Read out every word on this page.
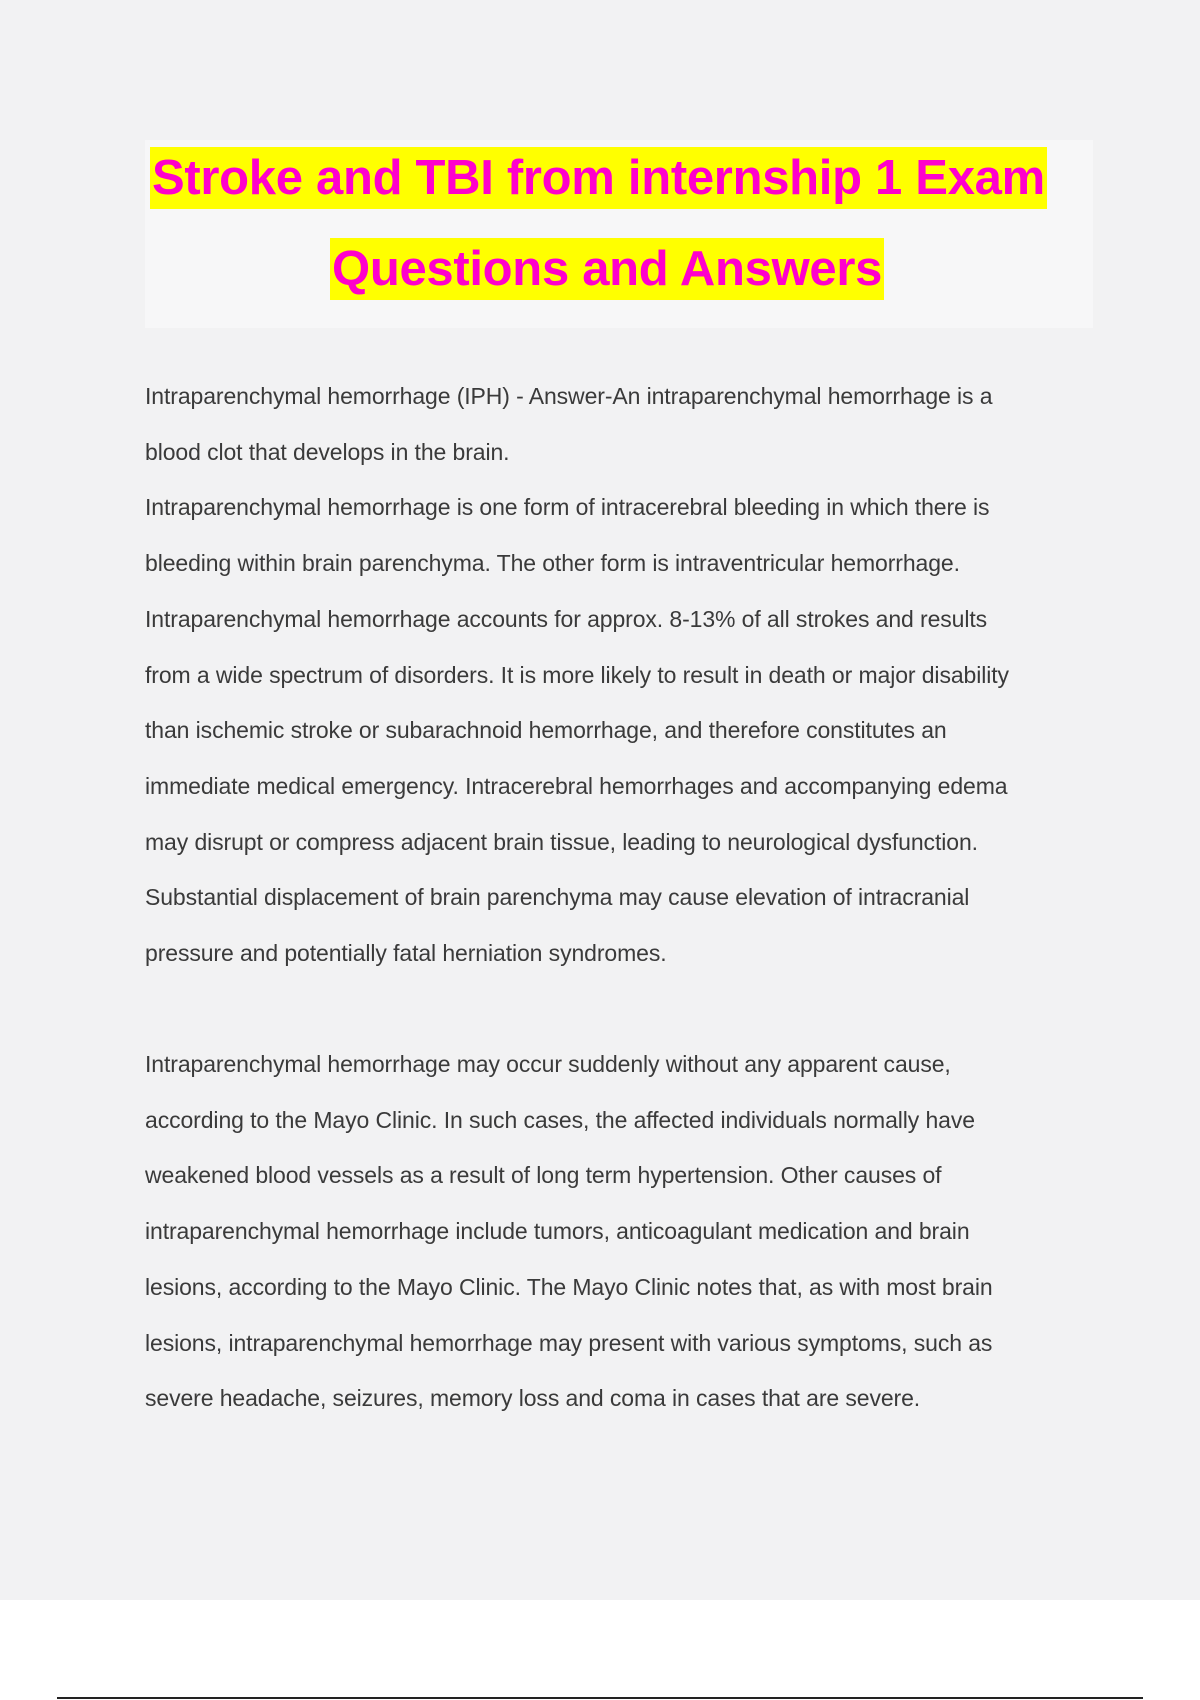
Stroke and TBI from internship 1 Exam
Questions and Answers
Intraparenchymal hemorrhage (IPH) - Answer-An intraparenchymal hemorrhage is a
blood clot that develops in the brain.
Intraparenchymal hemorrhage is one form of intracerebral bleeding in which there is
bleeding within brain parenchyma. The other form is intraventricular hemorrhage.
Intraparenchymal hemorrhage accounts for approx. 8-13% of all strokes and results
from a wide spectrum of disorders. It is more likely to result in death or major disability
than ischemic stroke or subarachnoid hemorrhage, and therefore constitutes an
immediate medical emergency. Intracerebral hemorrhages and accompanying edema
may disrupt or compress adjacent brain tissue, leading to neurological dysfunction.
Substantial displacement of brain parenchyma may cause elevation of intracranial
pressure and potentially fatal herniation syndromes.
Intraparenchymal hemorrhage may occur suddenly without any apparent cause,
according to the Mayo Clinic. In such cases, the affected individuals normally have
weakened blood vessels as a result of long term hypertension. Other causes of
intraparenchymal hemorrhage include tumors, anticoagulant medication and brain
lesions, according to the Mayo Clinic. The Mayo Clinic notes that, as with most brain
lesions, intraparenchymal hemorrhage may present with various symptoms, such as
severe headache, seizures, memory loss and coma in cases that are severe.
